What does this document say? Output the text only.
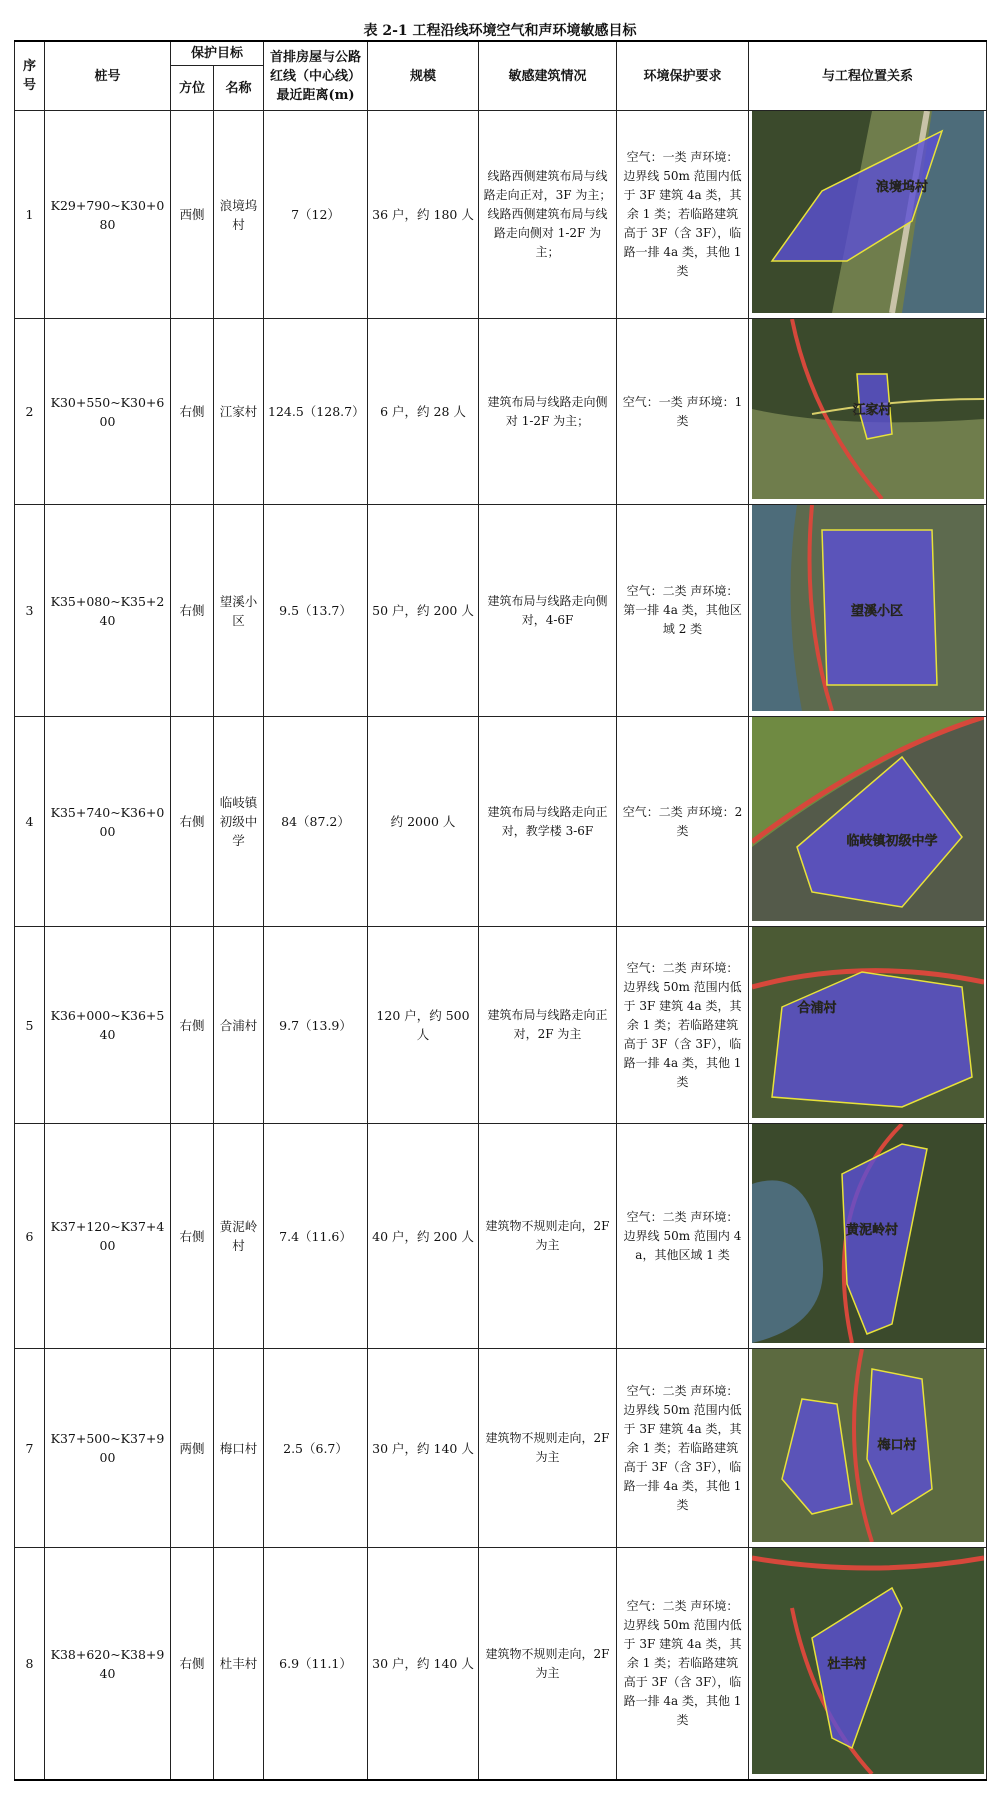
表 2-1 工程沿线环境空气和声环境敏感目标
序号	桩号	保护目标		首排房屋与公路红线（中心线）最近距离(m)	规模	敏感建筑情况	环境保护要求	与工程位置关系
		方位	名称					
1	K29+790~K30+080	西侧	浪境坞村	7（12）	36 户，约 180 人	线路西侧建筑布局与线路走向正对，3F 为主；线路西侧建筑布局与线路走向侧对 1-2F 为主；	空气：一类 声环境：边界线 50m 范围内低于 3F 建筑 4a 类，其余 1 类；若临路建筑高于 3F（含 3F），临路一排 4a 类，其他 1 类	浪境坞村

2	K30+550~K30+600	右侧	江家村	124.5（128.7）	6 户，约 28 人	建筑布局与线路走向侧对 1-2F 为主；	空气：一类 声环境：1 类	江家村

3	K35+080~K35+240	右侧	望溪小区	9.5（13.7）	50 户，约 200 人	建筑布局与线路走向侧对，4-6F	空气：二类 声环境：第一排 4a 类，其他区域 2 类	望溪小区

4	K35+740~K36+000	右侧	临岐镇初级中学	84（87.2）	约 2000 人	建筑布局与线路走向正对，教学楼 3-6F	空气：二类 声环境：2 类	临岐镇初级中学

5	K36+000~K36+540	右侧	合浦村	9.7（13.9）	120 户，约 500 人	建筑布局与线路走向正对，2F 为主	空气：二类 声环境：边界线 50m 范围内低于 3F 建筑 4a 类，其余 1 类；若临路建筑高于 3F（含 3F），临路一排 4a 类，其他 1 类	合浦村

6	K37+120~K37+400	右侧	黄泥岭村	7.4（11.6）	40 户，约 200 人	建筑物不规则走向，2F 为主	空气：二类 声环境：边界线 50m 范围内 4a，其他区域 1 类	黄泥岭村

7	K37+500~K37+900	两侧	梅口村	2.5（6.7）	30 户，约 140 人	建筑物不规则走向，2F 为主	空气：二类 声环境：边界线 50m 范围内低于 3F 建筑 4a 类，其余 1 类；若临路建筑高于 3F（含 3F），临路一排 4a 类，其他 1 类	梅口村

8	K38+620~K38+940	右侧	杜丰村	6.9（11.1）	30 户，约 140 人	建筑物不规则走向，2F 为主	空气：二类 声环境：边界线 50m 范围内低于 3F 建筑 4a 类，其余 1 类；若临路建筑高于 3F（含 3F），临路一排 4a 类，其他 1 类	杜丰村
